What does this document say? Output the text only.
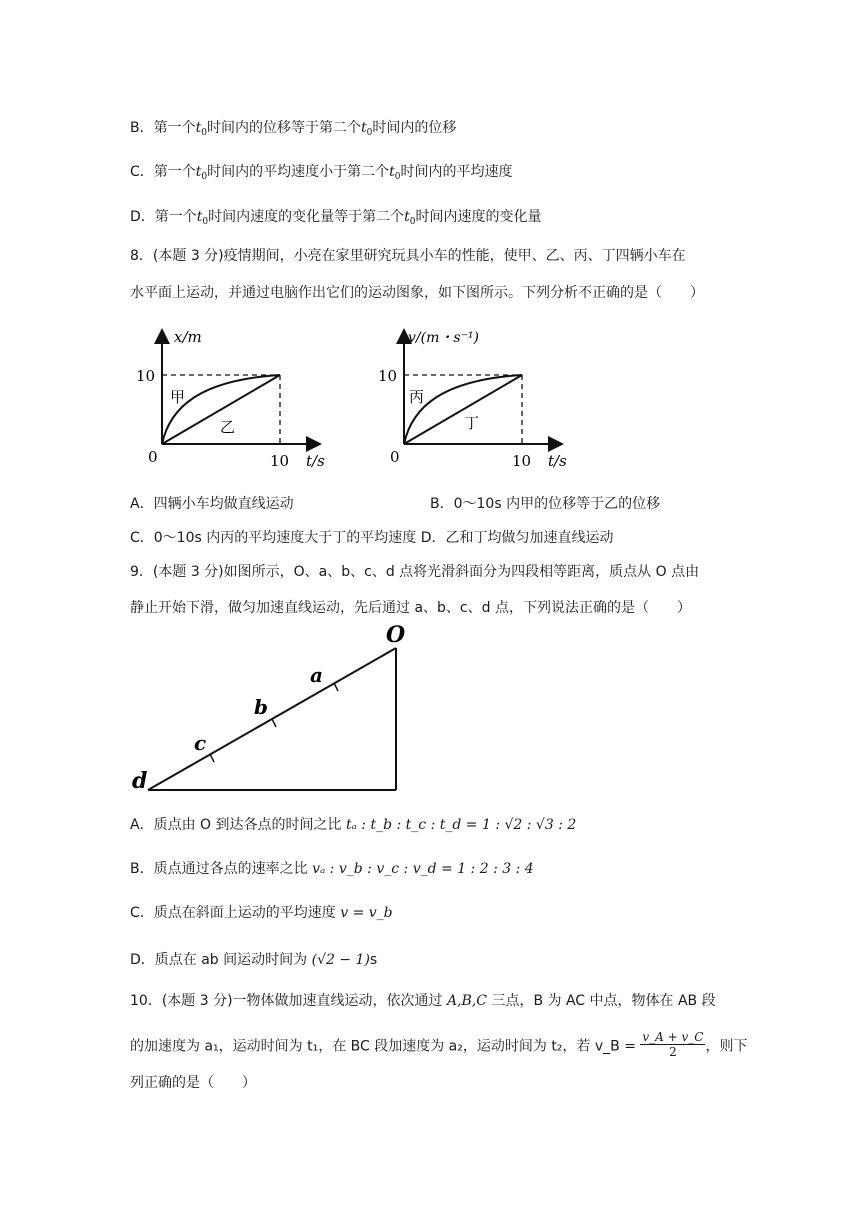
B．第一个$t_0$时间内的位移等于第二个$t_0$时间内的位移
C．第一个$t_0$时间内的平均速度小于第二个$t_0$时间内的平均速度
D．第一个$t_0$时间内速度的变化量等于第二个$t_0$时间内速度的变化量
8．(本题 3 分)疫情期间，小亮在家里研究玩具小车的性能，使甲、乙、丙、丁四辆小车在
水平面上运动，并通过电脑作出它们的运动图象，如下图所示。下列分析不正确的是（　　）
x/m
10
0	10 t/s
甲
乙
v/(m・s⁻¹)
10
0	10 t/s
丙
丁
A．四辆小车均做直线运动	B．0～10s 内甲的位移等于乙的位移
C．0～10s 内丙的平均速度大于丁的平均速度 D．乙和丁均做匀加速直线运动
9．(本题 3 分)如图所示，O、a、b、c、d 点将光滑斜面分为四段相等距离，质点从 O 点由
静止开始下滑，做匀加速直线运动，先后通过 a、b、c、d 点，下列说法正确的是（　　）
O
a
b
c
d
A．质点由 O 到达各点的时间之比 tₐ : t_b : t_c : t_d = 1 : √2 : √3 : 2
B．质点通过各点的速率之比 vₐ : v_b : v_c : v_d = 1 : 2 : 3 : 4
C．质点在斜面上运动的平均速度 v = v_b
D．质点在 ab 间运动时间为 (√2 − 1)s
10．(本题 3 分)一物体做加速直线运动，依次通过 A,B,C 三点，B 为 AC 中点，物体在 AB 段
的加速度为 a₁，运动时间为 t₁，在 BC 段加速度为 a₂，运动时间为 t₂，若 v_B = $\frac{v\_A + v\_C}{2}$ ，则下
列正确的是（　　）
